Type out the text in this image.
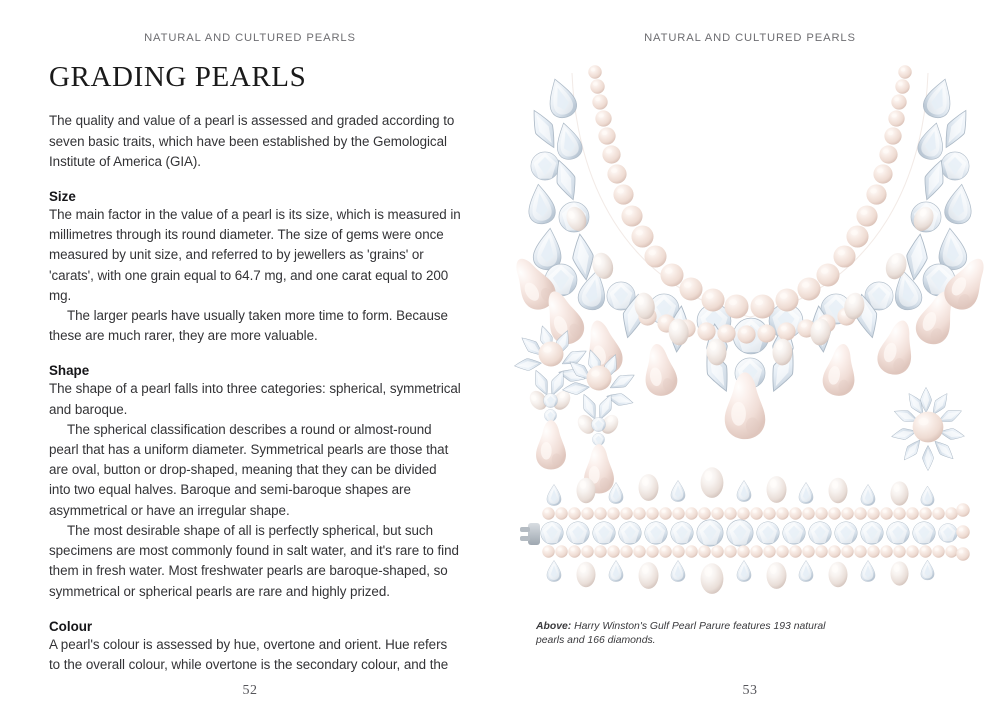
NATURAL AND CULTURED PEARLS
GRADING PEARLS

The quality and value of a pearl is assessed and graded according to seven basic traits, which have been established by the Gemological Institute of America (GIA).

Size

The main factor in the value of a pearl is its size, which is measured in millimetres through its round diameter. The size of gems were once measured by unit size, and referred to by jewellers as 'grains' or 'carats', with one grain equal to 64.7 mg, and one carat equal to 200 mg.

The larger pearls have usually taken more time to form. Because these are much rarer, they are more valuable.

Shape

The shape of a pearl falls into three categories: spherical, symmetrical and baroque.

The spherical classification describes a round or almost-round pearl that has a uniform diameter. Symmetrical pearls are those that are oval, button or drop-shaped, meaning that they can be divided into two equal halves. Baroque and semi-baroque shapes are asymmetrical or have an irregular shape.

The most desirable shape of all is perfectly spherical, but such specimens are most commonly found in salt water, and it's rare to find them in fresh water. Most freshwater pearls are baroque-shaped, so symmetrical or spherical pearls are rare and highly prized.

Colour

A pearl's colour is assessed by hue, overtone and orient. Hue refers to the overall colour, while overtone is the secondary colour, and the

52
NATURAL AND CULTURED PEARLS
Above: Harry Winston's Gulf Pearl Parure features 193 natural pearls and 166 diamonds.
53
